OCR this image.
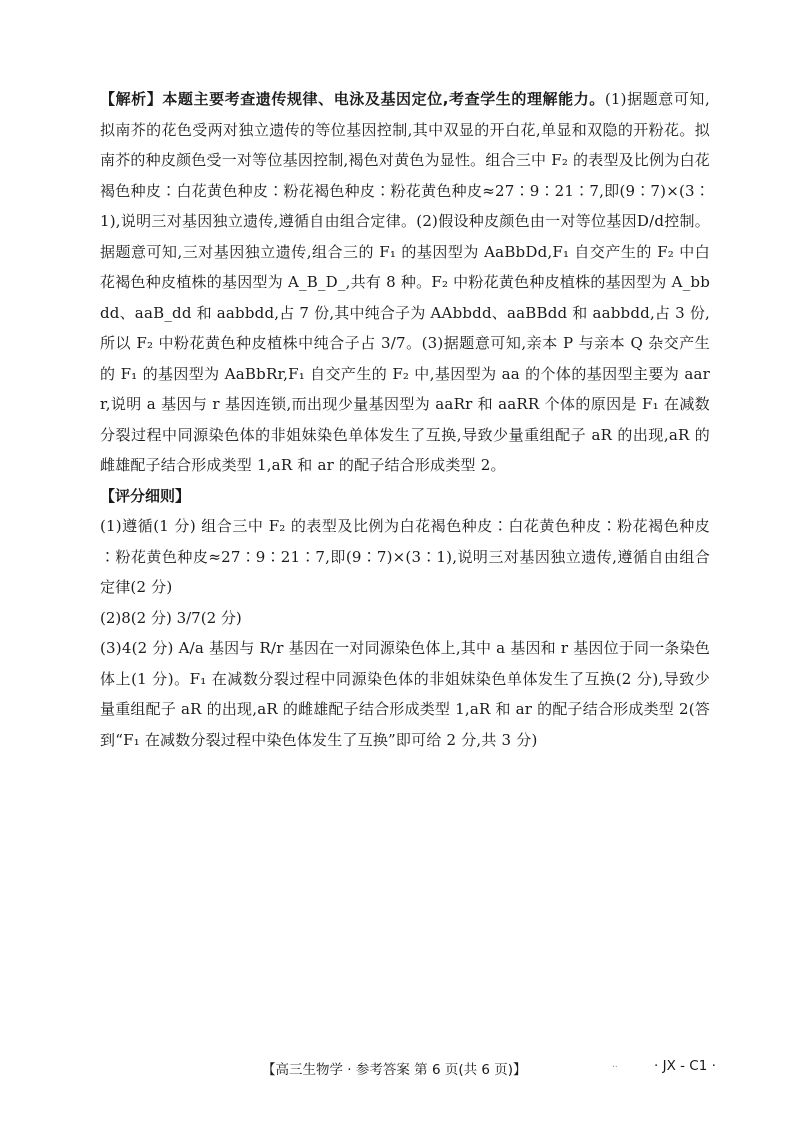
【解析】本题主要考查遗传规律、电泳及基因定位,考查学生的理解能力。(1)据题意可知,拟南芥的花色受两对独立遗传的等位基因控制,其中双显的开白花,单显和双隐的开粉花。拟南芥的种皮颜色受一对等位基因控制,褐色对黄色为显性。组合三中 F₂ 的表型及比例为白花褐色种皮∶白花黄色种皮∶粉花褐色种皮∶粉花黄色种皮≈27∶9∶21∶7,即(9∶7)×(3∶1),说明三对基因独立遗传,遵循自由组合定律。(2)假设种皮颜色由一对等位基因D/d控制。据题意可知,三对基因独立遗传,组合三的 F₁ 的基因型为 AaBbDd,F₁ 自交产生的 F₂ 中白花褐色种皮植株的基因型为 A_B_D_,共有 8 种。F₂ 中粉花黄色种皮植株的基因型为 A_bbdd、aaB_dd 和 aabbdd,占 7 份,其中纯合子为 AAbbdd、aaBBdd 和 aabbdd,占 3 份,所以 F₂ 中粉花黄色种皮植株中纯合子占 3/7。(3)据题意可知,亲本 P 与亲本 Q 杂交产生的 F₁ 的基因型为 AaBbRr,F₁ 自交产生的 F₂ 中,基因型为 aa 的个体的基因型主要为 aarr,说明 a 基因与 r 基因连锁,而出现少量基因型为 aaRr 和 aaRR 个体的原因是 F₁ 在减数分裂过程中同源染色体的非姐妹染色单体发生了互换,导致少量重组配子 aR 的出现,aR 的雌雄配子结合形成类型 1,aR 和 ar 的配子结合形成类型 2。

【评分细则】

(1)遵循(1 分) 组合三中 F₂ 的表型及比例为白花褐色种皮∶白花黄色种皮∶粉花褐色种皮∶粉花黄色种皮≈27∶9∶21∶7,即(9∶7)×(3∶1),说明三对基因独立遗传,遵循自由组合定律(2 分)

(2)8(2 分) 3/7(2 分)

(3)4(2 分) A/a 基因与 R/r 基因在一对同源染色体上,其中 a 基因和 r 基因位于同一条染色体上(1 分)。F₁ 在减数分裂过程中同源染色体的非姐妹染色单体发生了互换(2 分),导致少量重组配子 aR 的出现,aR 的雌雄配子结合形成类型 1,aR 和 ar 的配子结合形成类型 2(答到“F₁ 在减数分裂过程中染色体发生了互换”即可给 2 分,共 3 分)

【高三生物学 · 参考答案 第 6 页(共 6 页)】	..	· JX - C1 ·
